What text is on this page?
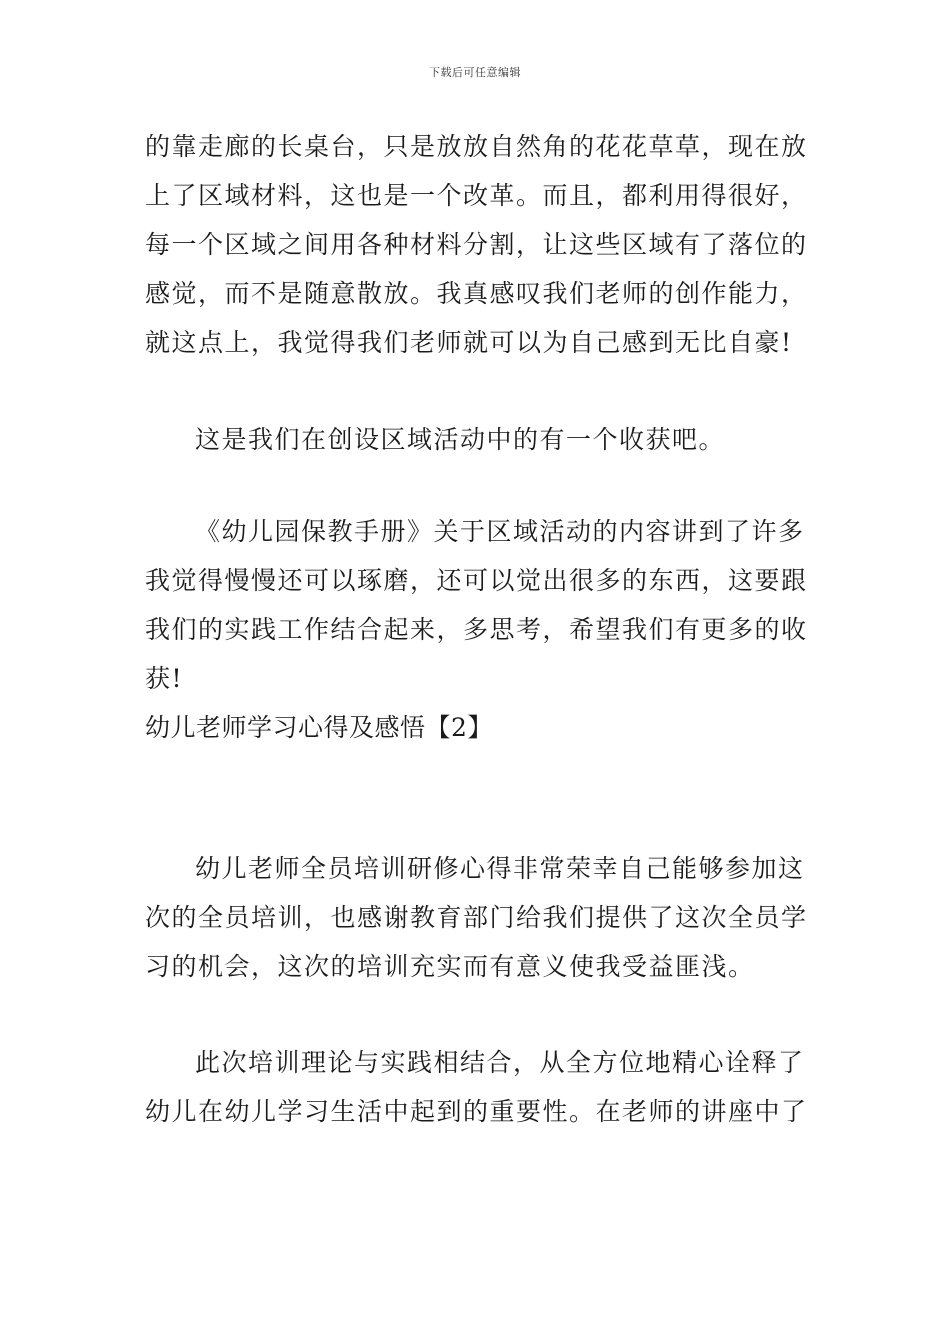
下载后可任意编辑

的靠走廊的长桌台，只是放放自然角的花花草草，现在放
上了区域材料，这也是一个改革。而且，都利用得很好，
每一个区域之间用各种材料分割，让这些区域有了落位的
感觉，而不是随意散放。我真感叹我们老师的创作能力，
就这点上，我觉得我们老师就可以为自己感到无比自豪!

这是我们在创设区域活动中的有一个收获吧。

《幼儿园保教手册》关于区域活动的内容讲到了许多
我觉得慢慢还可以琢磨，还可以觉出很多的东西，这要跟
我们的实践工作结合起来，多思考，希望我们有更多的收
获!

幼儿老师学习心得及感悟【2】

幼儿老师全员培训研修心得非常荣幸自己能够参加这
次的全员培训，也感谢教育部门给我们提供了这次全员学
习的机会，这次的培训充实而有意义使我受益匪浅。

此次培训理论与实践相结合，从全方位地精心诠释了
幼儿在幼儿学习生活中起到的重要性。在老师的讲座中了
